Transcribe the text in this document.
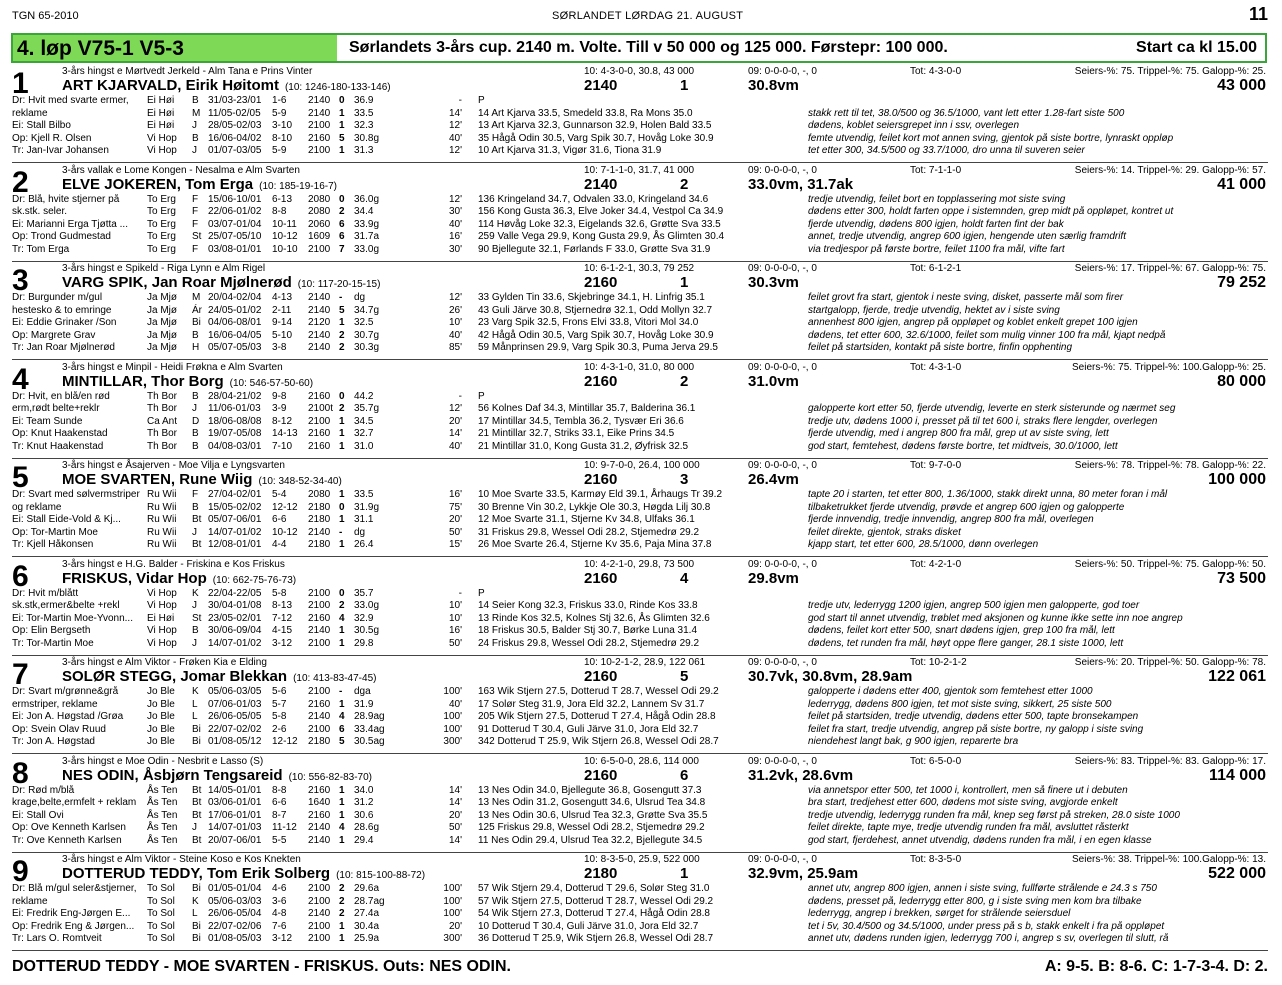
TGN 65-2010	SØRLANDET LØRDAG 21. AUGUST	11
4. løp V75-1 V5-3	Sørlandets 3-års cup. 2140 m. Volte. Till v 50 000 og 125 000. Førstepr: 100 000.	Start ca kl 15.00
1	3-års hingst e Mørtvedt Jerkeld - Alm Tana e Prins Vinter	10: 4-3-0-0, 30.8, 43 000	09: 0-0-0-0, -, 0	Tot: 4-3-0-0	Seiers-%: 75. Trippel-%: 75. Galopp-%: 25.
2140	1	30.8vm	43 000
ART KJARVALD, Eirik Høitomt (10: 1246-180-133-146)
Dr: Hvit med svarte ermer,	Ei Høi B 31/03-23/01 1-6 2140 0 36.9	- P
reklame	Ei Høi M 11/05-02/05 5-9 2140 1 33.5	14' 14 Art Kjarva 33.5, Smedeld 33.8, Ra Mons 35.0	stakk rett til tet, 38.0/500 og 36.5/1000, vant lett etter 1.28-fart siste 500
Ei: Stall Bilbo	Ei Høi J 28/05-02/03 3-10 2100 1 32.3	12' 13 Art Kjarva 32.3, Gunnarson 32.9, Holen Bald 33.5	dødens, koblet seiersgrepet inn i ssv, overlegen
Op: Kjell R. Olsen	Vi Hop B 16/06-04/02 8-10 2160 5 30.8g	40' 35 Hågå Odin 30.5, Varg Spik 30.7, Hovåg Loke 30.9	femte utvendig, feilet kort mot annen sving, gjentok på siste bortre, lynraskt oppløp
Tr: Jan-Ivar Johansen	Vi Hop J 01/07-03/05 5-9 2100 1 31.3	12' 10 Art Kjarva 31.3, Vigør 31.6, Tiona 31.9	tet etter 300, 34.5/500 og 33.7/1000, dro unna til suveren seier
2	3-års vallak e Lome Kongen - Nesalma e Alm Svarten	10: 7-1-1-0, 31.7, 41 000	09: 0-0-0-0, -, 0	Tot: 7-1-1-0	Seiers-%: 14. Trippel-%: 29. Galopp-%: 57.
2140	2	33.0vm, 31.7ak	41 000
ELVE JOKEREN, Tom Erga (10: 185-19-16-7)
Dr: Blå, hvite stjerner på	To Erg F 15/06-10/01 6-13 2080 0 36.0g	12' 136 Kringeland 34.7, Odvalen 33.0, Kringeland 34.6	tredje utvendig, feilet bort en topplassering mot siste sving
sk.stk. seler.	To Erg F 22/06-01/02 8-8 2080 2 34.4	30' 156 Kong Gusta 36.3, Elve Joker 34.4, Vestpol Ca 34.9	dødens etter 300, holdt farten oppe i sistemnden, grep midt på oppløpet, kontret ut
Ei: Marianni Erga Tjøtta ...	To Erg F 03/07-01/04 10-11 2060 6 33.9g	40' 114 Høvåg Loke 32.3, Eigelands 32.6, Grøtte Sva 33.5	fjerde utvendig, dødens 800 igjen, holdt farten fint der bak
Op: Trond Gudmestad	To Erg St 25/07-05/10 10-12 1609 6 31.7a	16' 259 Valle Vega 29.9, Kong Gusta 29.9, Ås Glimten 30.4	annet, tredje utvendig, angrep 600 igjen, hengende uten særlig framdrift
Tr: Tom Erga	To Erg F 03/08-01/01 10-10 2100 7 33.0g	30' 90 Bjellegute 32.1, Førlands F 33.0, Grøtte Sva 31.9	via tredjespor på første bortre, feilet 1100 fra mål, vifte fart
3	3-års hingst e Spikeld - Riga Lynn e Alm Rigel	10: 6-1-2-1, 30.3, 79 252	09: 0-0-0-0, -, 0	Tot: 6-1-2-1	Seiers-%: 17. Trippel-%: 67. Galopp-%: 75.
2160	1	30.3vm	79 252
VARG SPIK, Jan Roar Mjølnerød (10: 117-20-15-15)
Dr: Burgunder m/gul	Ja Mjø M 20/04-02/04 4-13 2140 - dg	12' 33 Gylden Tin 33.6, Skjebringe 34.1, H. Linfrig 35.1	feilet grovt fra start, gjentok i neste sving, disket, passerte mål som firer
hestesko & to emringe	Ja Mjø Ár 24/05-01/02 2-11 2140 5 34.7g	26' 43 Guli Järve 30.8, Stjernedrø 32.1, Odd Mollyn 32.7	startgalopp, fjerde, tredje utvendig, hektet av i siste sving
Ei: Eddie Grinaker /Son	Ja Mjø Bi 04/06-08/01 9-14 2120 1 32.5	10' 23 Varg Spik 32.5, Frons Elvi 33.8, Vitori Mol 34.0	annenhest 800 igjen, angrep på oppløpet og koblet enkelt grepet 100 igjen
Op: Margrete Grav	Ja Mjø B 16/06-04/05 5-10 2140 2 30.7g	40' 42 Hågå Odin 30.5, Varg Spik 30.7, Hovåg Loke 30.9	dødens, tet etter 600, 32.6/1000, feilet som mulig vinner 100 fra mål, kjapt nedpå
Tr: Jan Roar Mjølnerød	Ja Mjø H 05/07-05/03 3-8 2140 2 30.3g	85' 59 Månprinsen 29.9, Varg Spik 30.3, Puma Jerva 29.5	feilet på startsiden, kontakt på siste bortre, finfin opphenting
4	3-års hingst e Minpil - Heidi Frøkna e Alm Svarten	10: 4-3-1-0, 31.0, 80 000	09: 0-0-0-0, -, 0	Tot: 4-3-1-0	Seiers-%: 75. Trippel-%: 100.Galopp-%: 25.
2160	2	31.0vm	80 000
MINTILLAR, Thor Borg (10: 546-57-50-60)
Dr: Hvit, en blå/en rød	Th Bor B 28/04-21/02 9-8 2160 0 44.2	- P
erm,rødt belte+reklr	Th Bor J 11/06-01/03 3-9 2100t 2 35.7g	12' 56 Kolnes Daf 34.3, Mintillar 35.7, Balderina 36.1	galopperte kort etter 50, fjerde utvendig, leverte en sterk sisterunde og nærmet seg
Ei: Team Sunde	Ca Ant D 18/06-08/08 8-12 2100 1 34.5	20' 17 Mintillar 34.5, Tembla 36.2, Tysvær Eri 36.6	tredje utv, dødens 1000 i, presset på til tet 600 i, straks flere lengder, overlegen
Op: Knut Haakenstad	Th Bor B 19/07-05/08 14-13 2160 1 32.7	14' 21 Mintillar 32.7, Striks 33.1, Eike Prins 34.5	fjerde utvendig, med i angrep 800 fra mål, grep ut av siste sving, lett
Tr: Knut Haakenstad	Th Bor B 04/08-03/01 7-10 2160 1 31.0	40' 21 Mintillar 31.0, Kong Gusta 31.2, Øyfrisk 32.5	god start, femtehest, dødens første bortre, tet midtveis, 30.0/1000, lett
5	3-års hingst e Åsajerven - Moe Vilja e Lyngsvarten	10: 9-7-0-0, 26.4, 100 000	09: 0-0-0-0, -, 0	Tot: 9-7-0-0	Seiers-%: 78. Trippel-%: 78. Galopp-%: 22.
2160	3	26.4vm	100 000
MOE SVARTEN, Rune Wiig (10: 348-52-34-40)
Dr: Svart med sølvermstriper Ru Wii F 27/04-02/01 5-4 2080 1 33.5	16' 10 Moe Svarte 33.5, Karmøy Eld 39.1, Århaugs Tr 39.2	tapte 20 i starten, tet etter 800, 1.36/1000, stakk direkt unna, 80 meter foran i mål
og reklame	Ru Wii B 15/05-02/02 12-12 2180 0 31.9g	75' 30 Brenne Vin 30.2, Lykkje Ole 30.3, Høgda Lilj 30.8	tilbaketrukket fjerde utvendig, prøvde et angrep 600 igjen og galopperte
Ei: Stall Eide-Vold & Kj...	Ru Wii Bt 05/07-06/01 6-6 2180 1 31.1	20' 12 Moe Svarte 31.1, Stjerne Kv 34.8, Ulfaks 36.1	fjerde innvendig, tredje innvendig, angrep 800 fra mål, overlegen
Op: Tor-Martin Moe	Ru Wii J 14/07-01/02 10-12 2140 - dg	50' 31 Friskus 29.8, Wessel Odi 28.2, Stjemedrø 29.2	feilet direkte, gjentok, straks disket
Tr: Kjell Håkonsen	Ru Wii Bt 12/08-01/01 4-4 2180 1 26.4	15' 26 Moe Svarte 26.4, Stjerne Kv 35.6, Paja Mina 37.8	kjapp start, tet etter 600, 28.5/1000, dønn overlegen
6	3-års hingst e H.G. Balder - Friskina e Kos Friskus	10: 4-2-1-0, 29.8, 73 500	09: 0-0-0-0, -, 0	Tot: 4-2-1-0	Seiers-%: 50. Trippel-%: 75. Galopp-%: 50.
2160	4	29.8vm	73 500
FRISKUS, Vidar Hop (10: 662-75-76-73)
Dr: Hvit m/blått	Vi Hop K 22/04-22/05 5-8 2100 0 35.7	- P
sk.stk,ermer&belte +rekl	Vi Hop J 30/04-01/08 8-13 2100 2 33.0g	10' 14 Seier Kong 32.3, Friskus 33.0, Rinde Kos 33.8	tredje utv, lederrygg 1200 igjen, angrep 500 igjen men galopperte, god toer
Ei: Tor-Martin Moe-Yvonn...	Ei Høi St 23/05-02/01 7-12 2160 4 32.9	10' 13 Rinde Kos 32.5, Kolnes Stj 32.6, Ås Glimten 32.6	god start til annet utvendig, trøblet med aksjonen og kunne ikke sette inn noe angrep
Op: Elin Bergseth	Vi Hop B 30/06-09/04 4-15 2140 1 30.5g	16' 18 Friskus 30.5, Balder Stj 30.7, Børke Luna 31.4	dødens, feilet kort etter 500, snart dødens igjen, grep 100 fra mål, lett
Tr: Tor-Martin Moe	Vi Hop J 14/07-01/02 3-12 2100 1 29.8	50' 24 Friskus 29.8, Wessel Odi 28.2, Stjemedrø 29.2	dødens, tet runden fra mål, høyt oppe flere ganger, 28.1 siste 1000, lett
7	3-års hingst e Alm Viktor - Frøken Kia e Elding	10: 10-2-1-2, 28.9, 122 061	09: 0-0-0-0, -, 0	Tot: 10-2-1-2	Seiers-%: 20. Trippel-%: 50. Galopp-%: 78.
2160	5	30.7vk, 30.8vm, 28.9am	122 061
SOLØR STEGG, Jomar Blekkan (10: 413-83-47-45)
Dr: Svart m/grønne&grå	Jo Ble K 05/06-03/05 5-6 2100 - dga	100' 163 Wik Stjern 27.5, Dotterud T 28.7, Wessel Odi 29.2	galopperte i dødens etter 400, gjentok som femtehest etter 1000
ermstriper, reklame	Jo Ble L 07/06-01/03 5-7 2160 1 31.9	40' 17 Solør Steg 31.9, Jora Eld 32.2, Lannem Sv 31.7	lederrygg, dødens 800 igjen, tet mot siste sving, sikkert, 25 siste 500
Ei: Jon A. Høgstad /Grøa	Jo Ble L 26/06-05/05 5-8 2140 4 28.9ag	100' 205 Wik Stjern 27.5, Dotterud T 27.4, Hågå Odin 28.8	feilet på startsiden, tredje utvendig, dødens etter 500, tapte bronsekampen
Op: Svein Olav Ruud	Jo Ble Bi 22/07-02/02 2-6 2100 6 33.4ag	100' 91 Dotterud T 30.4, Guli Järve 31.0, Jora Eld 32.7	feilet fra start, tredje utvendig, angrep på siste bortre, ny galopp i siste sving
Tr: Jon A. Høgstad	Jo Ble Bi 01/08-05/12 12-12 2180 5 30.5ag	300' 342 Dotterud T 25.9, Wik Stjern 26.8, Wessel Odi 28.7	niendehest langt bak, g 900 igjen, reparerte bra
8	3-års hingst e Moe Odin - Nesbrit e Lasso (S)	10: 6-5-0-0, 28.6, 114 000	09: 0-0-0-0, -, 0	Tot: 6-5-0-0	Seiers-%: 83. Trippel-%: 83. Galopp-%: 17.
2160	6	31.2vk, 28.6vm	114 000
NES ODIN, Åsbjørn Tengsareid (10: 556-82-83-70)
Dr: Rød m/blå	Ås Ten Bt 14/05-01/01 8-8 2160 1 34.0	14' 13 Nes Odin 34.0, Bjellegute 36.8, Gosengutt 37.3	via annetspor etter 500, tet 1000 i, kontrollert, men så finere ut i debuten
krage,belte,ermfelt + reklam	Ås Ten Bt 03/06-01/01 6-6 1640 1 31.2	14' 13 Nes Odin 31.2, Gosengutt 34.6, Ulsrud Tea 34.8	bra start, tredjehest etter 600, dødens mot siste sving, avgjorde enkelt
Ei: Stall Ovi	Ås Ten Bt 17/06-01/01 8-7 2160 1 30.6	20' 13 Nes Odin 30.6, Ulsrud Tea 32.3, Grøtte Sva 35.5	tredje utvendig, lederrygg runden fra mål, knep seg først på streken, 28.0 siste 1000
Op: Ove Kenneth Karlsen	Ås Ten J 14/07-01/03 11-12 2140 4 28.6g	50' 125 Friskus 29.8, Wessel Odi 28.2, Stjemedrø 29.2	feilet direkte, tapte mye, tredje utvendig runden fra mål, avsluttet råsterkt
Tr: Ove Kenneth Karlsen	Ås Ten Bt 20/07-06/01 5-5 2140 1 29.4	14' 11 Nes Odin 29.4, Ulsrud Tea 32.2, Bjellegute 34.5	god start, fjerdehest, annet utvendig, dødens runden fra mål, i en egen klasse
9	3-års hingst e Alm Viktor - Steine Koso e Kos Knekten	10: 8-3-5-0, 25.9, 522 000	09: 0-0-0-0, -, 0	Tot: 8-3-5-0	Seiers-%: 38. Trippel-%: 100.Galopp-%: 13.
2180	1	32.9vm, 25.9am	522 000
DOTTERUD TEDDY, Tom Erik Solberg (10: 815-100-88-72)
Dr: Blå m/gul seler&stjerner,	To Sol Bi 01/05-01/04 4-6 2100 2 29.6a	100' 57 Wik Stjern 29.4, Dotterud T 29.6, Solør Steg 31.0	annet utv, angrep 800 igjen, annen i siste sving, fullførte strålende e 24.3 s 750
reklame	To Sol K 05/06-03/03 3-6 2100 2 28.7ag	100' 57 Wik Stjern 27.5, Dotterud T 28.7, Wessel Odi 29.2	dødens, presset på, lederrygg etter 800, g i siste sving men kom bra tilbake
Ei: Fredrik Eng-Jørgen E...	To Sol L 26/06-05/04 4-8 2140 2 27.4a	100' 54 Wik Stjern 27.3, Dotterud T 27.4, Hågå Odin 28.8	lederrygg, angrep i brekken, sørget for strålende seiersduel
Op: Fredrik Eng & Jørgen...	To Sol Bi 22/07-02/06 7-6 2100 1 30.4a	20' 10 Dotterud T 30.4, Guli Järve 31.0, Jora Eld 32.7	tet i 5v, 30.4/500 og 34.5/1000, under press på s b, stakk enkelt i fra på oppløpet
Tr: Lars O. Romtveit	To Sol Bi 01/08-05/03 3-12 2100 1 25.9a	300' 36 Dotterud T 25.9, Wik Stjern 26.8, Wessel Odi 28.7	annet utv, dødens runden igjen, lederrygg 700 i, angrep s sv, overlegen til slutt, rå
DOTTERUD TEDDY - MOE SVARTEN - FRISKUS. Outs: NES ODIN.	A: 9-5. B: 8-6. C: 1-7-3-4. D: 2.
